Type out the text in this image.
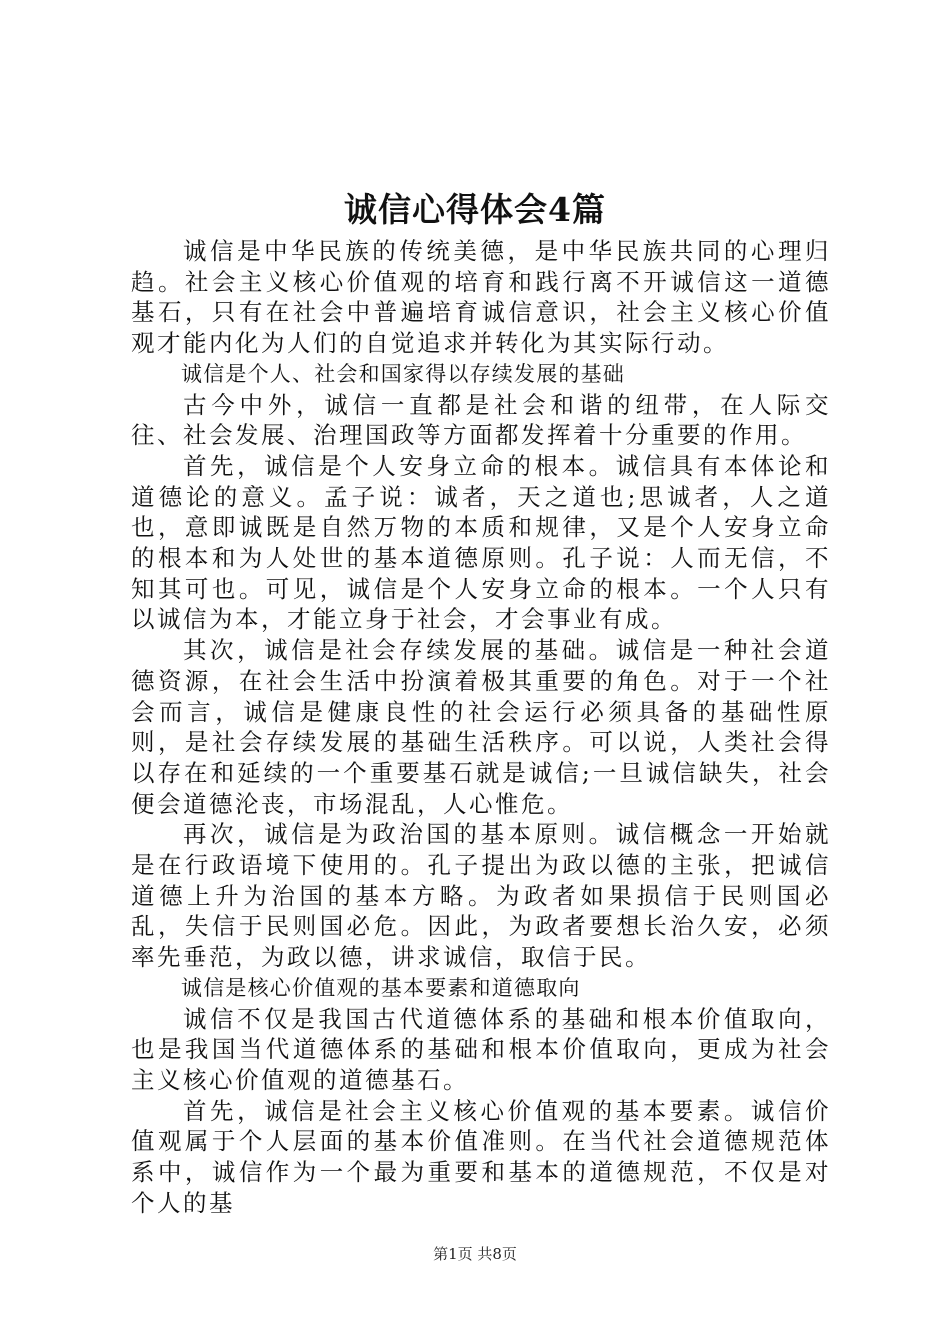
诚信心得体会4篇

诚信是中华民族的传统美德，是中华民族共同的心理归趋。社会主义核心价值观的培育和践行离不开诚信这一道德基石，只有在社会中普遍培育诚信意识，社会主义核心价值观才能内化为人们的自觉追求并转化为其实际行动。

诚信是个人、社会和国家得以存续发展的基础

古今中外，诚信一直都是社会和谐的纽带，在人际交往、社会发展、治理国政等方面都发挥着十分重要的作用。

首先，诚信是个人安身立命的根本。诚信具有本体论和道德论的意义。孟子说：诚者，天之道也;思诚者，人之道也，意即诚既是自然万物的本质和规律，又是个人安身立命的根本和为人处世的基本道德原则。孔子说：人而无信，不知其可也。可见，诚信是个人安身立命的根本。一个人只有以诚信为本，才能立身于社会，才会事业有成。

其次，诚信是社会存续发展的基础。诚信是一种社会道德资源，在社会生活中扮演着极其重要的角色。对于一个社会而言，诚信是健康良性的社会运行必须具备的基础性原则，是社会存续发展的基础生活秩序。可以说，人类社会得以存在和延续的一个重要基石就是诚信;一旦诚信缺失，社会便会道德沦丧，市场混乱，人心惟危。

再次，诚信是为政治国的基本原则。诚信概念一开始就是在行政语境下使用的。孔子提出为政以德的主张，把诚信道德上升为治国的基本方略。为政者如果损信于民则国必乱，失信于民则国必危。因此，为政者要想长治久安，必须率先垂范，为政以德，讲求诚信，取信于民。

诚信是核心价值观的基本要素和道德取向

诚信不仅是我国古代道德体系的基础和根本价值取向，也是我国当代道德体系的基础和根本价值取向，更成为社会主义核心价值观的道德基石。

首先，诚信是社会主义核心价值观的基本要素。诚信价值观属于个人层面的基本价值准则。在当代社会道德规范体系中，诚信作为一个最为重要和基本的道德规范，不仅是对个人的基

第1页 共8页
